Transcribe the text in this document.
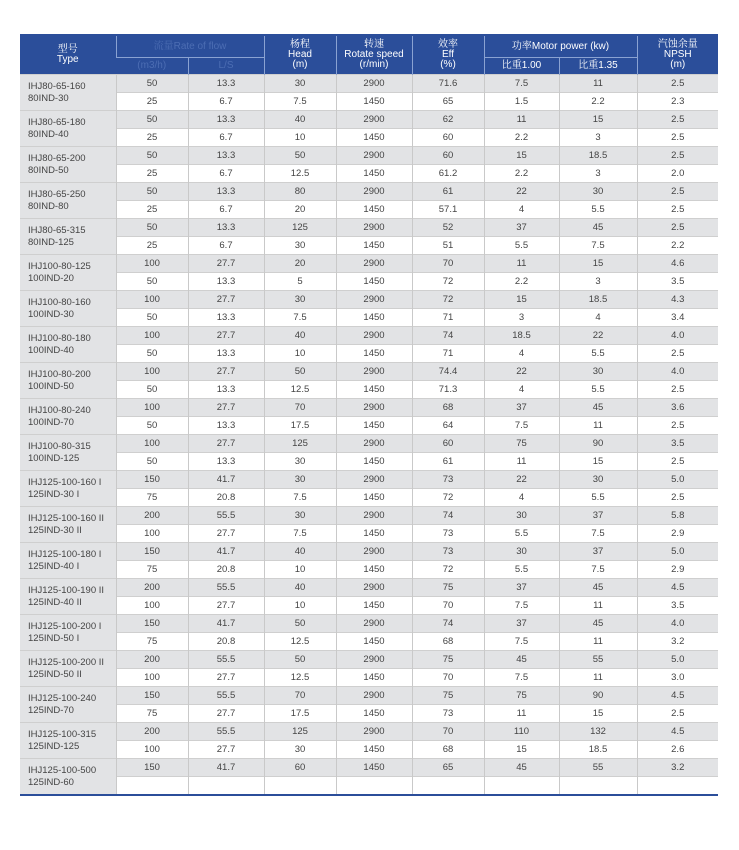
型号
Type	流量Rate of flow		杨程
Head
(m)	转速
Rotate speed
(r/min)	效率
Eff
(%)	功率Motor power (kw)		汽蚀余量
NPSH
(m)

	(m3/h)	L/S				比重1.00	比重1.35	

IHJ80-65-160
80IND-30	50	13.3	30	2900	71.6	7.5	11	2.5
	25	6.7	7.5	1450	65	1.5	2.2	2.3

IHJ80-65-180
80IND-40	50	13.3	40	2900	62	11	15	2.5
	25	6.7	10	1450	60	2.2	3	2.5

IHJ80-65-200
80IND-50	50	13.3	50	2900	60	15	18.5	2.5
	25	6.7	12.5	1450	61.2	2.2	3	2.0

IHJ80-65-250
80IND-80	50	13.3	80	2900	61	22	30	2.5
	25	6.7	20	1450	57.1	4	5.5	2.5

IHJ80-65-315
80IND-125	50	13.3	125	2900	52	37	45	2.5
	25	6.7	30	1450	51	5.5	7.5	2.2

IHJ100-80-125
100IND-20	100	27.7	20	2900	70	11	15	4.6
	50	13.3	5	1450	72	2.2	3	3.5

IHJ100-80-160
100IND-30	100	27.7	30	2900	72	15	18.5	4.3
	50	13.3	7.5	1450	71	3	4	3.4

IHJ100-80-180
100IND-40	100	27.7	40	2900	74	18.5	22	4.0
	50	13.3	10	1450	71	4	5.5	2.5

IHJ100-80-200
100IND-50	100	27.7	50	2900	74.4	22	30	4.0
	50	13.3	12.5	1450	71.3	4	5.5	2.5

IHJ100-80-240
100IND-70	100	27.7	70	2900	68	37	45	3.6
	50	13.3	17.5	1450	64	7.5	11	2.5

IHJ100-80-315
100IND-125	100	27.7	125	2900	60	75	90	3.5
	50	13.3	30	1450	61	11	15	2.5

IHJ125-100-160 I
125IND-30 I	150	41.7	30	2900	73	22	30	5.0
	75	20.8	7.5	1450	72	4	5.5	2.5

IHJ125-100-160 II
125IND-30 II	200	55.5	30	2900	74	30	37	5.8
	100	27.7	7.5	1450	73	5.5	7.5	2.9

IHJ125-100-180 I
125IND-40 I	150	41.7	40	2900	73	30	37	5.0
	75	20.8	10	1450	72	5.5	7.5	2.9

IHJ125-100-190 II
125IND-40 II	200	55.5	40	2900	75	37	45	4.5
	100	27.7	10	1450	70	7.5	11	3.5

IHJ125-100-200 I
125IND-50 I	150	41.7	50	2900	74	37	45	4.0
	75	20.8	12.5	1450	68	7.5	11	3.2

IHJ125-100-200 II
125IND-50 II	200	55.5	50	2900	75	45	55	5.0
	100	27.7	12.5	1450	70	7.5	11	3.0

IHJ125-100-240
125IND-70	150	55.5	70	2900	75	75	90	4.5
	75	27.7	17.5	1450	73	11	15	2.5

IHJ125-100-315
125IND-125	200	55.5	125	2900	70	110	132	4.5
	100	27.7	30	1450	68	15	18.5	2.6

IHJ125-100-500
125IND-60	150	41.7	60	1450	65	45	55	3.2
